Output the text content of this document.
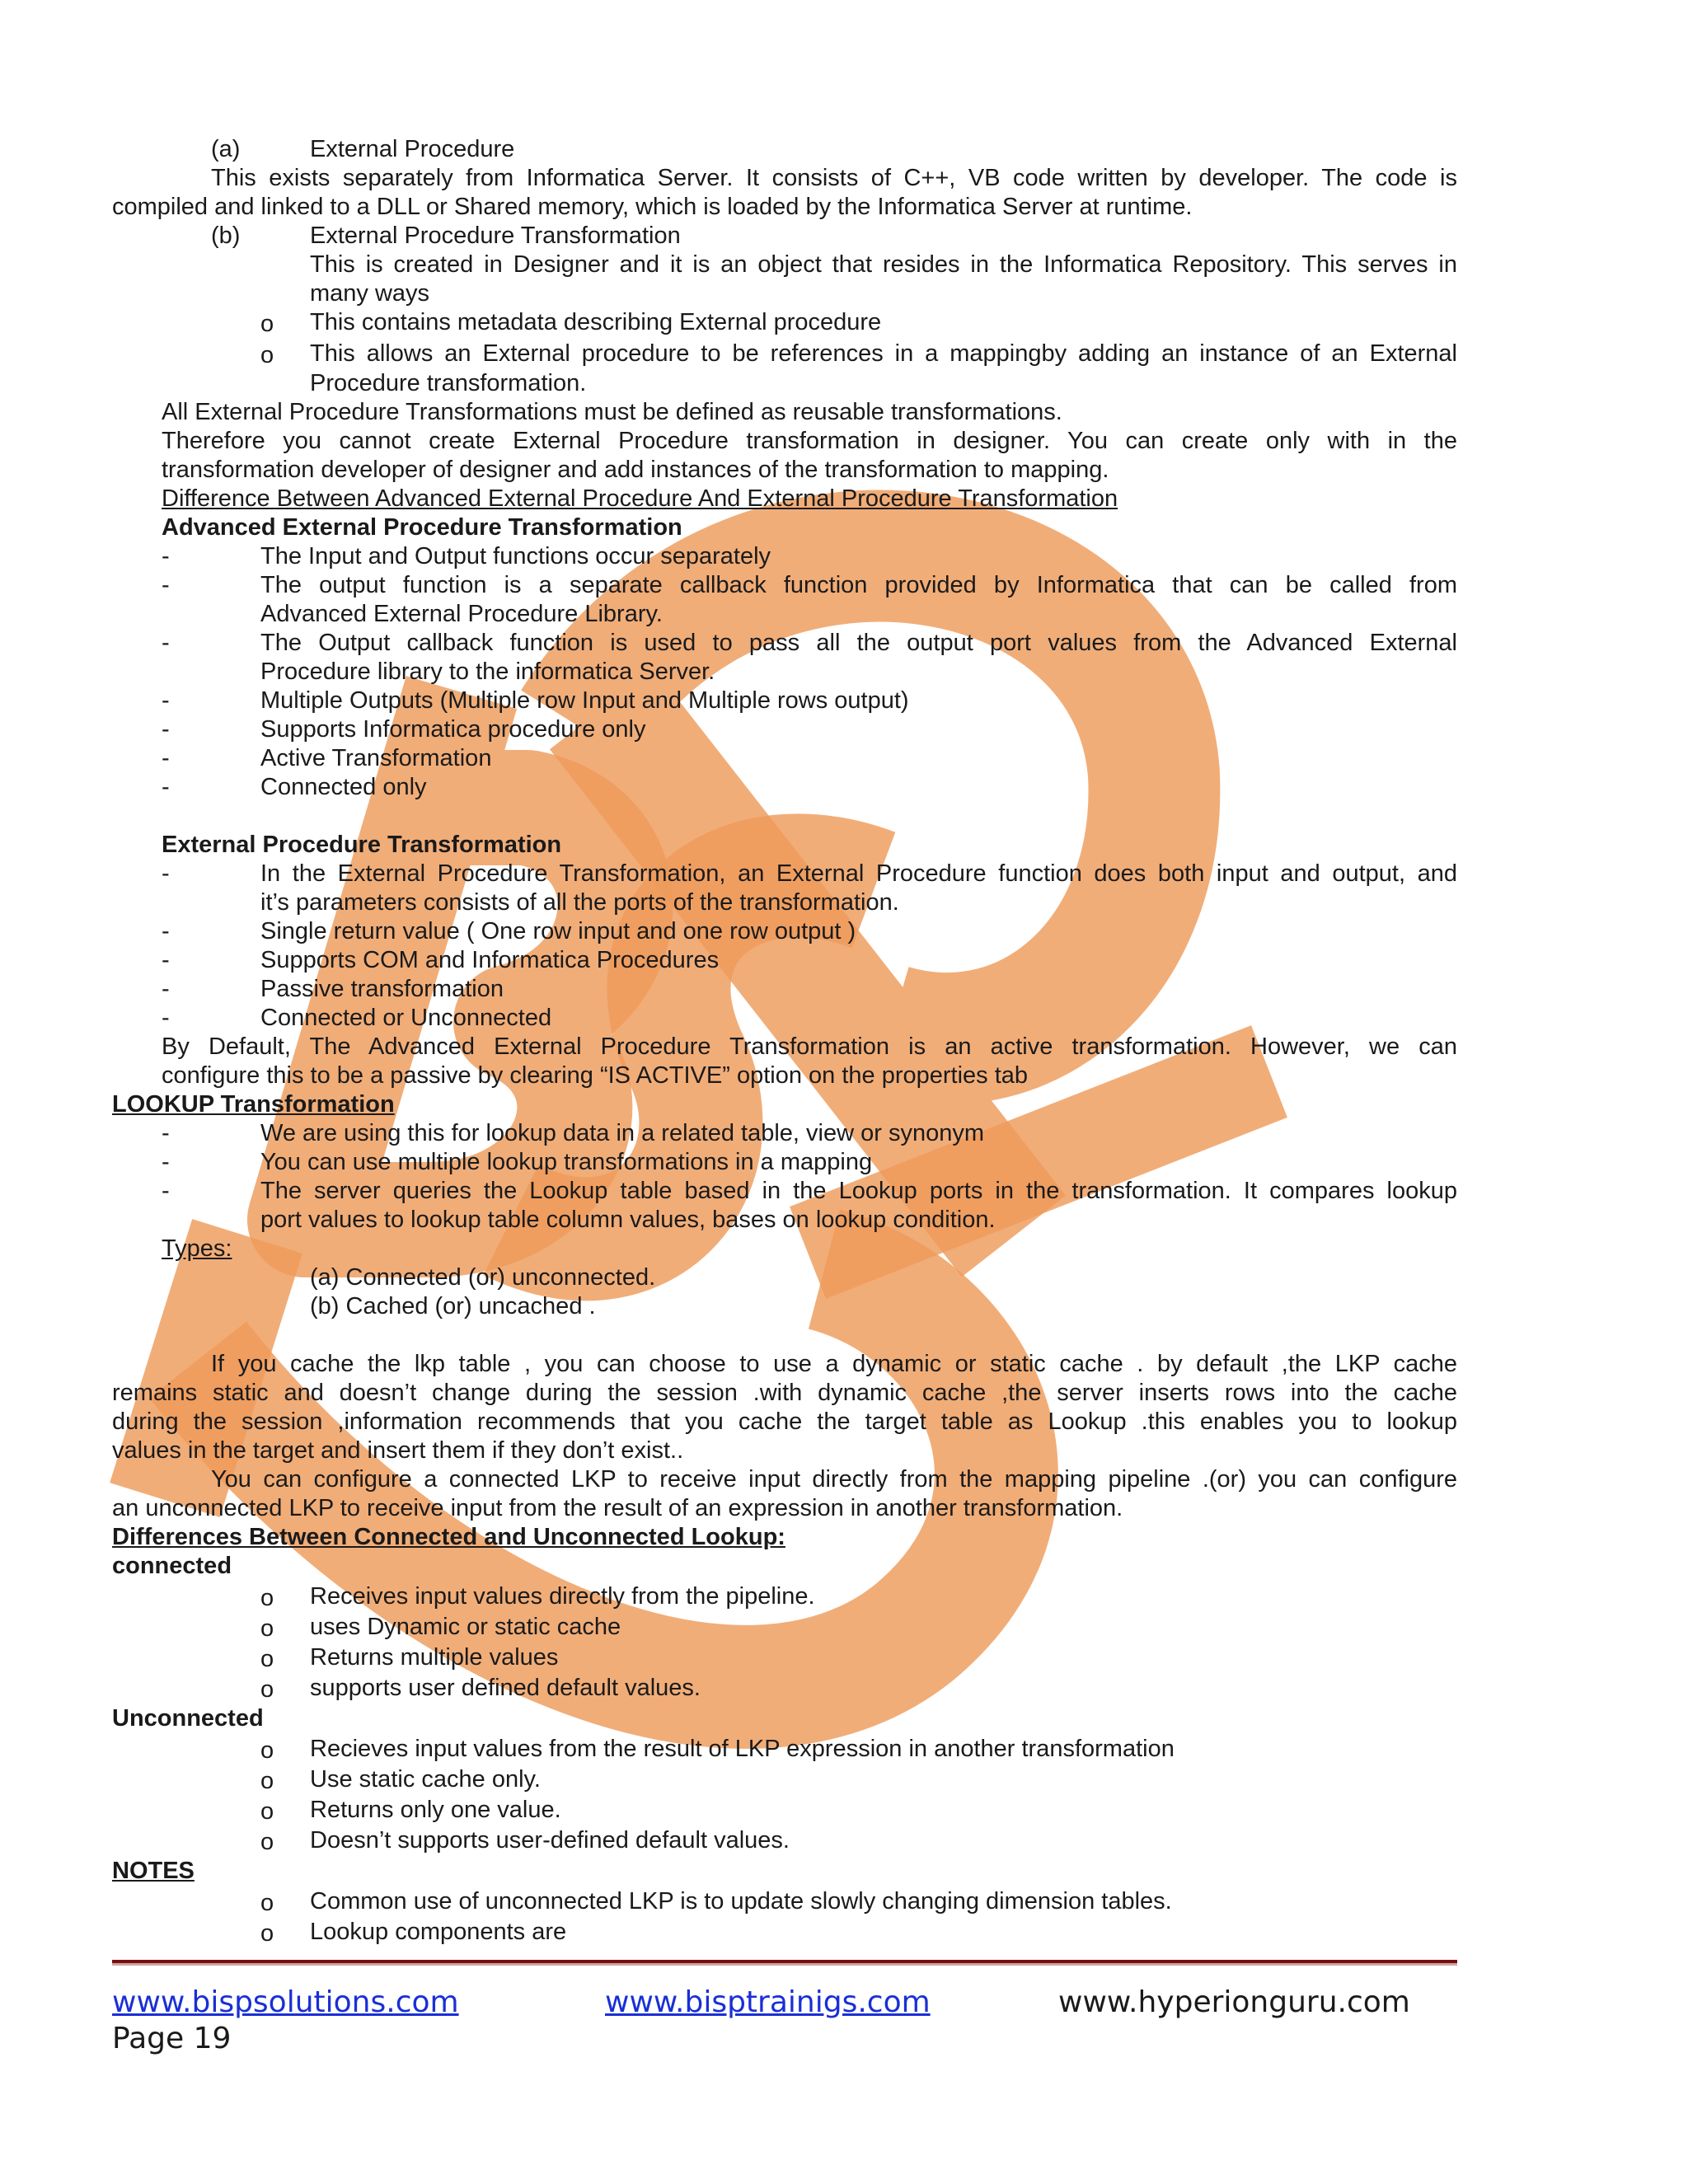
(a)	External Procedure
This exists separately from Informatica Server. It consists of C++, VB code written by developer. The code is
compiled and linked to a DLL or Shared memory, which is loaded by the Informatica Server at runtime.
(b)	External Procedure Transformation
This is created in Designer and it is an object that resides in the Informatica Repository. This serves in
many ways
o This contains metadata describing External procedure
o This allows an External procedure to be references in a mappingby adding an instance of an External
Procedure transformation.
All External Procedure Transformations must be defined as reusable transformations.
Therefore you cannot create External Procedure transformation in designer. You can create only with in the
transformation developer of designer and add instances of the transformation to mapping.
Difference Between Advanced External Procedure And External Procedure Transformation
Advanced External Procedure Transformation
-	The Input and Output functions occur separately
-	The output function is a separate callback function provided by Informatica that can be called from
Advanced External Procedure Library.
-	The Output callback function is used to pass all the output port values from the Advanced External
Procedure library to the informatica Server.
-	Multiple Outputs (Multiple row Input and Multiple rows output)
-	Supports Informatica procedure only
-	Active Transformation
-	Connected only
External Procedure Transformation
-	In the External Procedure Transformation, an External Procedure function does both input and output, and
it’s parameters consists of all the ports of the transformation.
-	Single return value ( One row input and one row output )
-	Supports COM and Informatica Procedures
-	Passive transformation
-	Connected or Unconnected
By Default, The Advanced External Procedure Transformation is an active transformation. However, we can
configure this to be a passive by clearing “IS ACTIVE” option on the properties tab
LOOKUP Transformation
-	We are using this for lookup data in a related table, view or synonym
-	You can use multiple lookup transformations in a mapping
-	The server queries the Lookup table based in the Lookup ports in the transformation. It compares lookup
port values to lookup table column values, bases on lookup condition.
Types:
(a) Connected (or) unconnected.
(b) Cached (or) uncached .
If you cache the lkp table , you can choose to use a dynamic or static cache . by default ,the LKP cache
remains static and doesn’t change during the session .with dynamic cache ,the server inserts rows into the cache
during the session ,information recommends that you cache the target table as Lookup .this enables you to lookup
values in the target and insert them if they don’t exist..
You can configure a connected LKP to receive input directly from the mapping pipeline .(or) you can configure
an unconnected LKP to receive input from the result of an expression in another transformation.
Differences Between Connected and Unconnected Lookup:
connected
o Receives input values directly from the pipeline.
o uses Dynamic or static cache
o Returns multiple values
o supports user defined default values.
Unconnected
o Recieves input values from the result of LKP expression in another transformation
o Use static cache only.
o Returns only one value.
o Doesn’t supports user-defined default values.
NOTES
o Common use of unconnected LKP is to update slowly changing dimension tables.
o Lookup components are
www.bispsolutions.com	www.bisptrainigs.com	www.hyperionguru.com
Page 19
